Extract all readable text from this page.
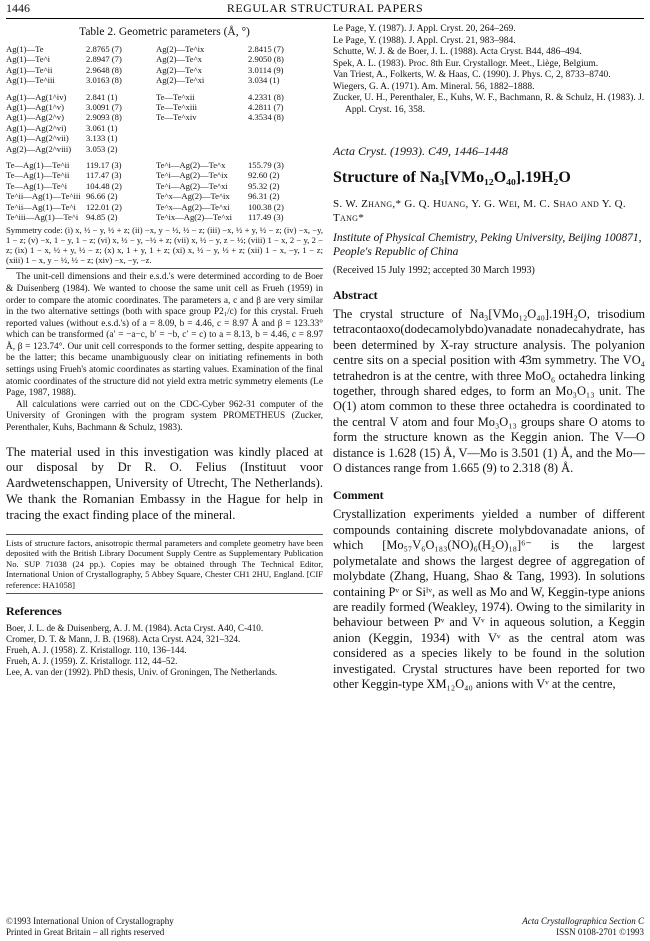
1446	REGULAR STRUCTURAL PAPERS
Table 2. Geometric parameters (Å, °)
Ag(1)—Te	2.8765 (7)	Ag(2)—Te^ix	2.8415 (7)
Ag(1)—Te^i	2.8947 (7)	Ag(2)—Te^x	2.9050 (8)
Ag(1)—Te^ii	2.9648 (8)	Ag(2)—Te^x	3.0114 (9)
Ag(1)—Te^iii	3.0163 (8)	Ag(2)—Te^xi	3.034 (1)

Ag(1)—Ag(1^iv)	2.841 (1)	Te—Te^xii	4.2331 (8)
Ag(1)—Ag(1^v)	3.0091 (7)	Te—Te^xiii	4.2811 (7)
Ag(1)—Ag(2^v)	2.9093 (8)	Te—Te^xiv	4.3534 (8)
Ag(1)—Ag(2^vi)	3.061 (1)		
Ag(1)—Ag(2^vii)	3.133 (1)		
Ag(2)—Ag(2^viii)	3.053 (2)		

Te—Ag(1)—Te^ii	119.17 (3)	Te^i—Ag(2)—Te^x	155.79 (3)
Te—Ag(1)—Te^ii	117.47 (3)	Te^i—Ag(2)—Te^ix	92.60 (2)
Te—Ag(1)—Te^i	104.48 (2)	Te^i—Ag(2)—Te^xi	95.32 (2)
Te^ii—Ag(1)—Te^iii	96.66 (2)	Te^x—Ag(2)—Te^ix	96.31 (2)
Te^ii—Ag(1)—Te^i	122.01 (2)	Te^x—Ag(2)—Te^xi	100.38 (2)
Te^iii—Ag(1)—Te^i	94.85 (2)	Te^ix—Ag(2)—Te^xi	117.49 (3)
Symmetry code: (i) x, ½ − y, ½ + z; (ii) −x, y − ½, ½ − z; (iii) −x, ½ + y, ½ − z; (iv) −x, −y, 1 − z; (v) −x, 1 − y, 1 − z; (vi) x, ½ − y, −½ + z; (vii) x, ½ − y, z − ½; (viii) 1 − x, 2 − y, 2 − z; (ix) 1 − x, ½ + y, ½ − z; (x) x, 1 + y, 1 + z; (xi) x, ½ − y, ½ + z; (xii) 1 − x, −y, 1 − z; (xiii) 1 − x, y − ½, ½ − z; (xiv) −x, −y, −z.

The unit-cell dimensions and their e.s.d.'s were determined according to de Boer & Duisenberg (1984). We wanted to choose the same unit cell as Frueh (1959) in order to compare the atomic coordinates. The parameters a, c and β are very similar in the two alternative settings (both with space group P2₁/c) for this crystal. Frueh reported values (without e.s.d.'s) of a = 8.09, b = 4.46, c = 8.97 Å and β = 123.33° which can be transformed (a′ = −a−c, b′ = −b, c′ = c) to a = 8.13, b = 4.46, c = 8.97 Å, β = 123.74°. Our unit cell corresponds to the former setting, despite appearing to be the latter; this became unambiguously clear on initiating refinements in both settings using Frueh's atomic coordinates as starting values. Examination of the final atomic coordinates of the structure did not yield extra metric symmetry elements (Le Page, 1987, 1988).

All calculations were carried out on the CDC-Cyber 962-31 computer of the University of Groningen with the program system PROMETHEUS (Zucker, Perenthaler, Kuhs, Bachmann & Schulz, 1983).

The material used in this investigation was kindly placed at our disposal by Dr R. O. Felius (Instituut voor Aardwetenschappen, University of Utrecht, The Netherlands). We thank the Romanian Embassy in the Hague for help in tracing the exact finding place of the mineral.

Lists of structure factors, anisotropic thermal parameters and complete geometry have been deposited with the British Library Document Supply Centre as Supplementary Publication No. SUP 71038 (24 pp.). Copies may be obtained through The Technical Editor, International Union of Crystallography, 5 Abbey Square, Chester CH1 2HU, England. [CIF reference: HA1058]
References

Boer, J. L. de & Duisenberg, A. J. M. (1984). Acta Cryst. A40, C-410.

Cromer, D. T. & Mann, J. B. (1968). Acta Cryst. A24, 321–324.

Frueh, A. J. (1958). Z. Kristallogr. 110, 136–144.

Frueh, A. J. (1959). Z. Kristallogr. 112, 44–52.

Lee, A. van der (1992). PhD thesis, Univ. of Groningen, The Netherlands.

Le Page, Y. (1987). J. Appl. Cryst. 20, 264–269.

Le Page, Y. (1988). J. Appl. Cryst. 21, 983–984.

Schutte, W. J. & de Boer, J. L. (1988). Acta Cryst. B44, 486–494.

Spek, A. L. (1983). Proc. 8th Eur. Crystallogr. Meet., Liège, Belgium.

Van Triest, A., Folkerts, W. & Haas, C. (1990). J. Phys. C, 2, 8733–8740.

Wiegers, G. A. (1971). Am. Mineral. 56, 1882–1888.

Zucker, U. H., Perenthaler, E., Kuhs, W. F., Bachmann, R. & Schulz, H. (1983). J. Appl. Cryst. 16, 358.

Acta Cryst. (1993). C49, 1446–1448
Structure of Na₃[VMo₁₂O₄₀].19H₂O
S. W. Zhang,* G. Q. Huang, Y. G. Wei, M. C. Shao and Y. Q. Tang*
Institute of Physical Chemistry, Peking University, Beijing 100871, People's Republic of China
(Received 15 July 1992; accepted 30 March 1993)
Abstract

The crystal structure of Na₃[VMo₁₂O₄₀].19H₂O, trisodium tetracontaoxo(dodecamolybdo)vanadate nonadecahydrate, has been determined by X-ray structure analysis. The polyanion centre sits on a special position with 4̄3m symmetry. The VO₄ tetrahedron is at the centre, with three MoO₆ octahedra linking together, through shared edges, to form an Mo₃O₁₃ unit. The O(1) atom common to these three octahedra is coordinated to the central V atom and four Mo₃O₁₃ groups share O atoms to form the structure known as the Keggin anion. The V—O distance is 1.628 (15) Å, V—Mo is 3.501 (1) Å, and the Mo—O distances range from 1.665 (9) to 2.318 (8) Å.

Comment

Crystallization experiments yielded a number of different compounds containing discrete molybdovanadate anions, of which [Mo₅₇V₆O₁₈₃(NO)₆(H₂O)₁₈]⁶⁻ is the largest polymetalate and shows the largest degree of aggregation of molybdate (Zhang, Huang, Shao & Tang, 1993). In solutions containing Pᵛ or Siᴵᵛ, as well as Mo and W, Keggin-type anions are readily formed (Weakley, 1974). Owing to the similarity in behaviour between Pᵛ and Vᵛ in aqueous solution, a Keggin anion (Keggin, 1934) with Vᵛ as the central atom was considered as a species likely to be found in the solution investigated. Crystal structures have been reported for two other Keggin-type XM₁₂O₄₀ anions with Vᵛ at the centre,

©1993 International Union of Crystallography
Printed in Great Britain – all rights reserved
Acta Crystallographica Section C
ISSN 0108-2701 ©1993
